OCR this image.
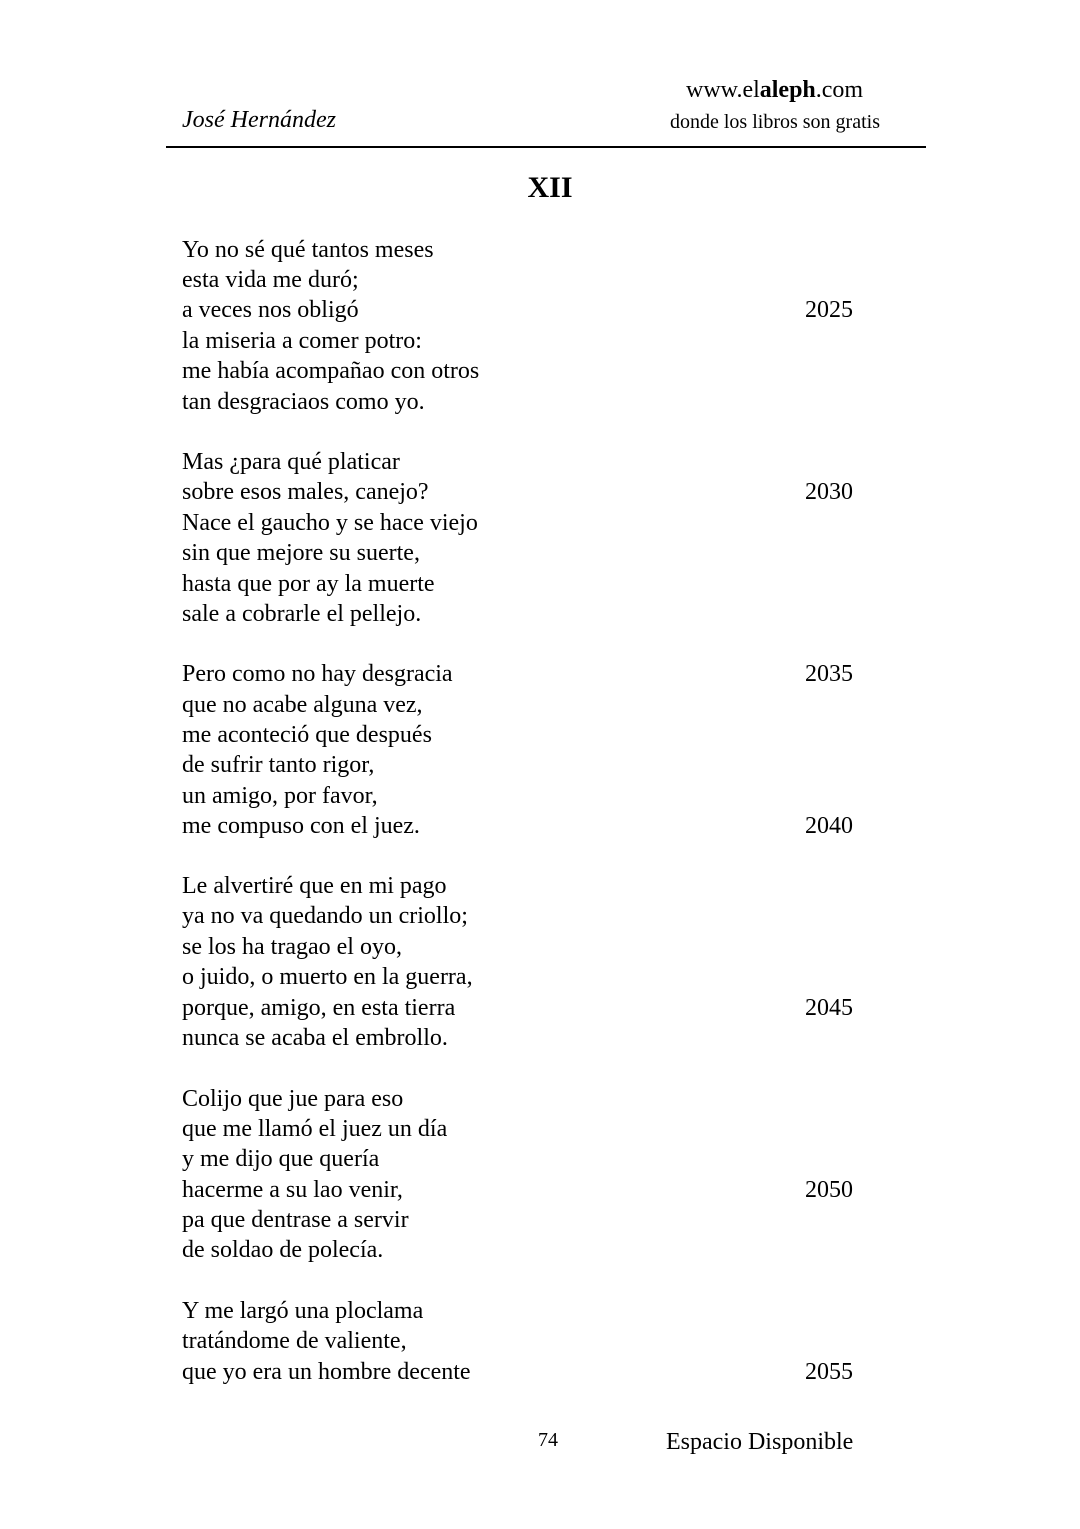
José Hernández
www.elaleph.com
donde los libros son gratis
XII
Yo no sé qué tantos meses
esta vida me duró;
a veces nos obligó
la miseria a comer potro:
me había acompañao con otros
tan desgraciaos como yo.
Mas ¿para qué platicar
sobre esos males, canejo?
Nace el gaucho y se hace viejo
sin que mejore su suerte,
hasta que por ay la muerte
sale a cobrarle el pellejo.
Pero como no hay desgracia
que no acabe alguna vez,
me aconteció que después
de sufrir tanto rigor,
un amigo, por favor,
me compuso con el juez.
Le alvertiré que en mi pago
ya no va quedando un criollo;
se los ha tragao el oyo,
o juido, o muerto en la guerra,
porque, amigo, en esta tierra
nunca se acaba el embrollo.
Colijo que jue para eso
que me llamó el juez un día
y me dijo que quería
hacerme a su lao venir,
pa que dentrase a servir
de soldao de polecía.
Y me largó una ploclama
tratándome de valiente,
que yo era un hombre decente
2025
2030
2035
2040
2045
2050
2055
74	Espacio Disponible
